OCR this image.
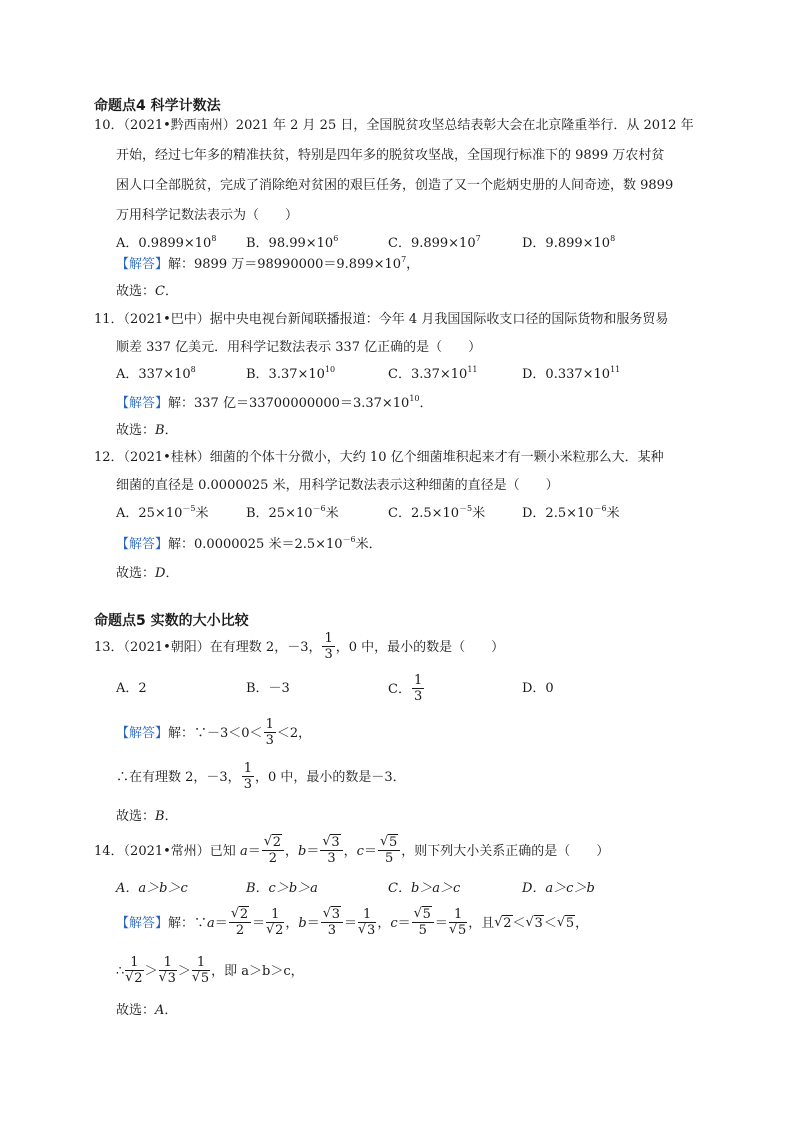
命题点4 科学计数法
10．（2021•黔西南州）2021 年 2 月 25 日，全国脱贫攻坚总结表彰大会在北京隆重举行．从 2012 年
开始，经过七年多的精准扶贫，特别是四年多的脱贫攻坚战，全国现行标准下的 9899 万农村贫
困人口全部脱贫，完成了消除绝对贫困的艰巨任务，创造了又一个彪炳史册的人间奇迹，数 9899
万用科学记数法表示为（　　）
A．$0.9899\times 10^8$ B．$98.99\times 10^6$	C．$9.899\times 10^7$	D．$9.899\times 10^8$
【解答】解：9899 万$=98990000=9.899\times 10^7$，
故选：C．
11．（2021•巴中）据中央电视台新闻联播报道：今年 4 月我国国际收支口径的国际货物和服务贸易
顺差 337 亿美元．用科学记数法表示 337 亿正确的是（　　）
A．$337\times 10^8$	B．$3.37\times 10^{10}$	C．$3.37\times 10^{11}$	D．$0.337\times 10^{11}$
【解答】解：337 亿$=33700000000=3.37\times 10^{10}$．
故选：B．
12．（2021•桂林）细菌的个体十分微小，大约 10 亿个细菌堆积起来才有一颗小米粒那么大．某种
细菌的直径是 0.0000025 米，用科学记数法表示这种细菌的直径是（　　）
A．$25\times 10^{-5}$米	B．$25\times 10^{-6}$米	C．$2.5\times 10^{-5}$米	D．$2.5\times 10^{-6}$米
【解答】解：0.0000025 米$=2.5\times 10^{-6}$米．
故选：D．
命题点5 实数的大小比较
13．（2021•朝阳）在有理数 2，－3， $\frac{1}{3}$ ，0 中，最小的数是（　　）
A．2	B．－3	C． $\frac{1}{3}$	D．0
【解答】解：∵－3＜0＜ $\frac{1}{3} <2$，
∴在有理数 2，－3， $\frac{1}{3}$ ，0 中，最小的数是－3．
故选：B．
14．（2021•常州）已知 $a= \frac{√ 2}{2}$ ，$b= \frac{√ 3}{3}$ ，$c= \frac{√ 5}{5}$ ，则下列大小关系正确的是（　　）
A．a＞b＞c	B．c＞b＞a	C．b＞a＞c	D．a＞c＞b
【解答】解：∵a＝ $\frac{√ 2}{2} = \frac{1}{√ 2}$ ，$b= \frac{√ 3}{3} = \frac{1}{√ 3}$ ，$c= \frac{√ 5}{5} = \frac{1}{√ 5}$ ，且 √ 2＜ √ 3＜ √ 5，
∴ $\frac{1}{√ 2} > \frac{1}{√ 3} > \frac{1}{√ 5}$ ，即 a＞b＞c，
故选：A．
